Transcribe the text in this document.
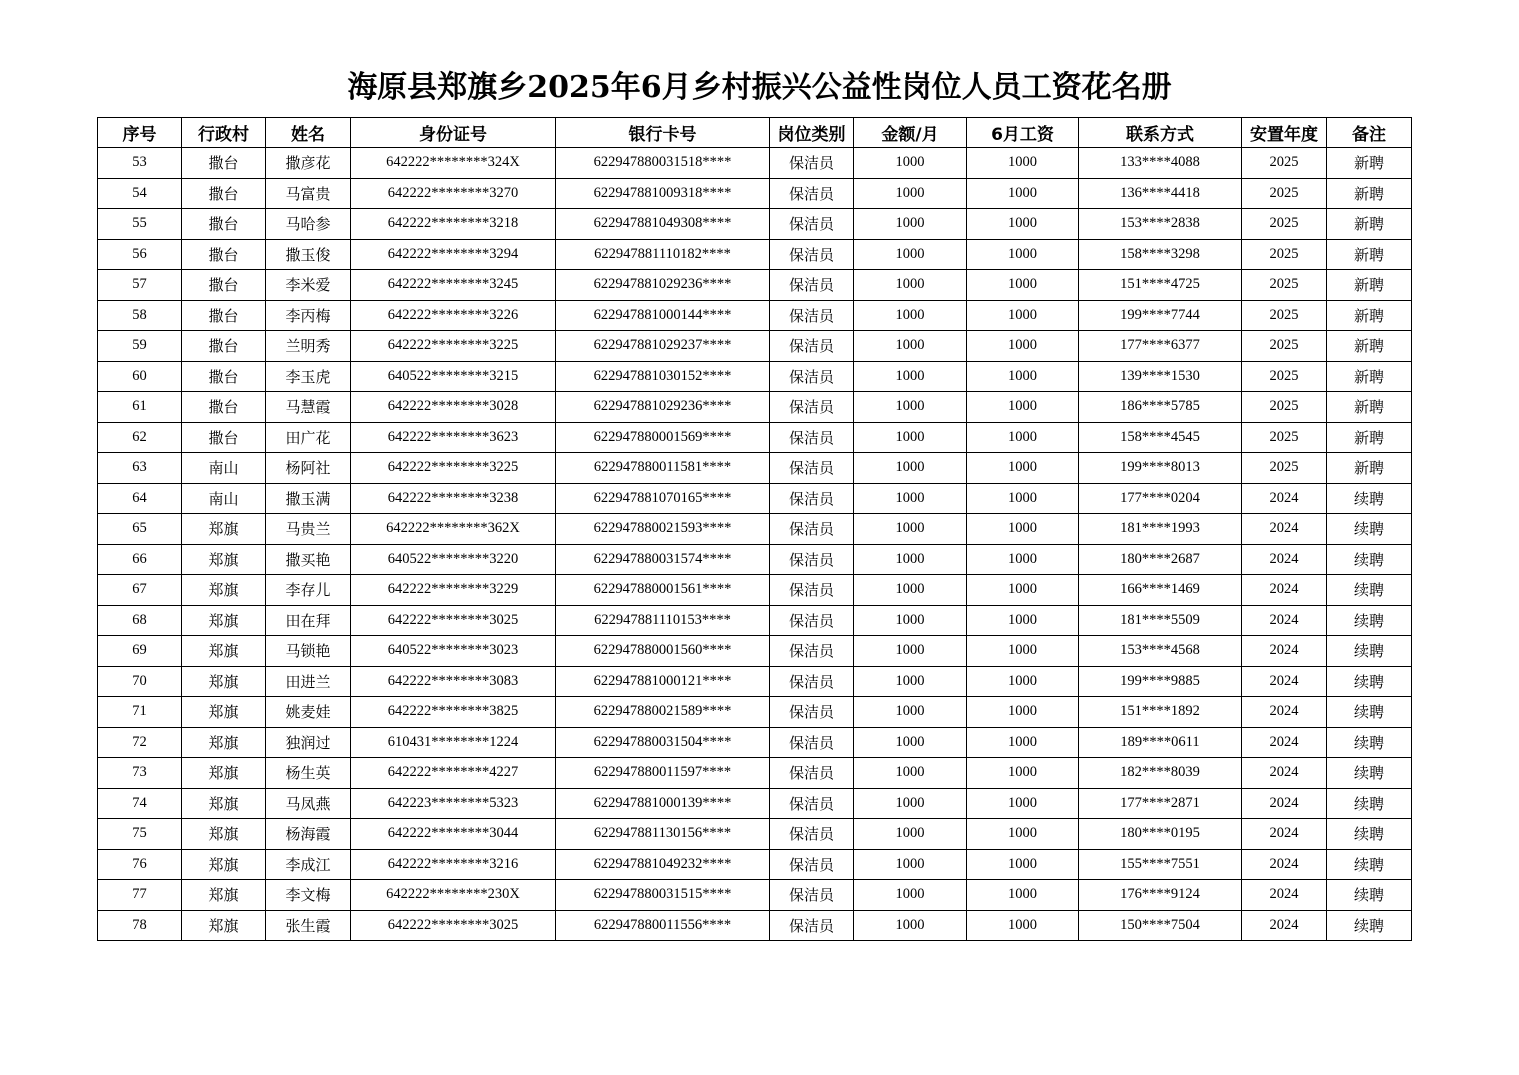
海原县郑旗乡2025年6月乡村振兴公益性岗位人员工资花名册
序号	行政村	姓名	身份证号	银行卡号	岗位类别	金额/月	6月工资	联系方式	安置年度	备注
53	撒台	撒彦花	642222********324X	622947880031518****	保洁员	1000	1000	133****4088	2025	新聘
54	撒台	马富贵	642222********3270	622947881009318****	保洁员	1000	1000	136****4418	2025	新聘
55	撒台	马哈参	642222********3218	622947881049308****	保洁员	1000	1000	153****2838	2025	新聘
56	撒台	撒玉俊	642222********3294	622947881110182****	保洁员	1000	1000	158****3298	2025	新聘
57	撒台	李米爱	642222********3245	622947881029236****	保洁员	1000	1000	151****4725	2025	新聘
58	撒台	李丙梅	642222********3226	622947881000144****	保洁员	1000	1000	199****7744	2025	新聘
59	撒台	兰明秀	642222********3225	622947881029237****	保洁员	1000	1000	177****6377	2025	新聘
60	撒台	李玉虎	640522********3215	622947881030152****	保洁员	1000	1000	139****1530	2025	新聘
61	撒台	马慧霞	642222********3028	622947881029236****	保洁员	1000	1000	186****5785	2025	新聘
62	撒台	田广花	642222********3623	622947880001569****	保洁员	1000	1000	158****4545	2025	新聘
63	南山	杨阿社	642222********3225	622947880011581****	保洁员	1000	1000	199****8013	2025	新聘
64	南山	撒玉满	642222********3238	622947881070165****	保洁员	1000	1000	177****0204	2024	续聘
65	郑旗	马贵兰	642222********362X	622947880021593****	保洁员	1000	1000	181****1993	2024	续聘
66	郑旗	撒买艳	640522********3220	622947880031574****	保洁员	1000	1000	180****2687	2024	续聘
67	郑旗	李存儿	642222********3229	622947880001561****	保洁员	1000	1000	166****1469	2024	续聘
68	郑旗	田在拜	642222********3025	622947881110153****	保洁员	1000	1000	181****5509	2024	续聘
69	郑旗	马锁艳	640522********3023	622947880001560****	保洁员	1000	1000	153****4568	2024	续聘
70	郑旗	田进兰	642222********3083	622947881000121****	保洁员	1000	1000	199****9885	2024	续聘
71	郑旗	姚麦娃	642222********3825	622947880021589****	保洁员	1000	1000	151****1892	2024	续聘
72	郑旗	独润过	610431********1224	622947880031504****	保洁员	1000	1000	189****0611	2024	续聘
73	郑旗	杨生英	642222********4227	622947880011597****	保洁员	1000	1000	182****8039	2024	续聘
74	郑旗	马凤燕	642223********5323	622947881000139****	保洁员	1000	1000	177****2871	2024	续聘
75	郑旗	杨海霞	642222********3044	622947881130156****	保洁员	1000	1000	180****0195	2024	续聘
76	郑旗	李成江	642222********3216	622947881049232****	保洁员	1000	1000	155****7551	2024	续聘
77	郑旗	李文梅	642222********230X	622947880031515****	保洁员	1000	1000	176****9124	2024	续聘
78	郑旗	张生霞	642222********3025	622947880011556****	保洁员	1000	1000	150****7504	2024	续聘
